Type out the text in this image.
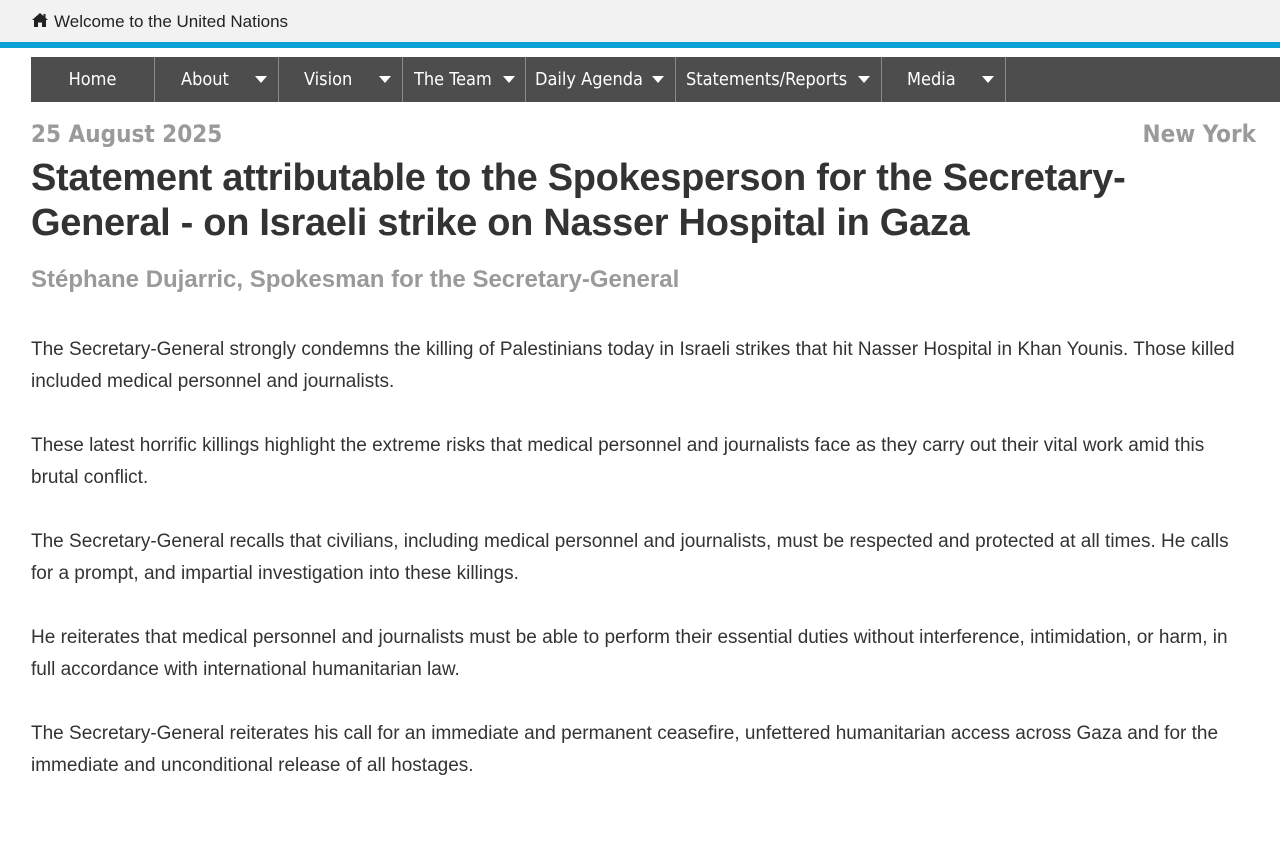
Welcome to the United Nations
Home	About	Vision	The Team Daily Agenda Statements/Reports	Media
25 August 2025	New York
Statement attributable to the Spokesperson for the Secretary-General - on Israeli strike on Nasser Hospital in Gaza
Stéphane Dujarric, Spokesman for the Secretary-General

The Secretary-General strongly condemns the killing of Palestinians today in Israeli strikes that hit Nasser Hospital in Khan Younis. Those killed included medical personnel and journalists.

These latest horrific killings highlight the extreme risks that medical personnel and journalists face as they carry out their vital work amid this brutal conflict.

The Secretary-General recalls that civilians, including medical personnel and journalists, must be respected and protected at all times. He calls for a prompt, and impartial investigation into these killings.

He reiterates that medical personnel and journalists must be able to perform their essential duties without interference, intimidation, or harm, in full accordance with international humanitarian law.

The Secretary-General reiterates his call for an immediate and permanent ceasefire, unfettered humanitarian access across Gaza and for the immediate and unconditional release of all hostages.
